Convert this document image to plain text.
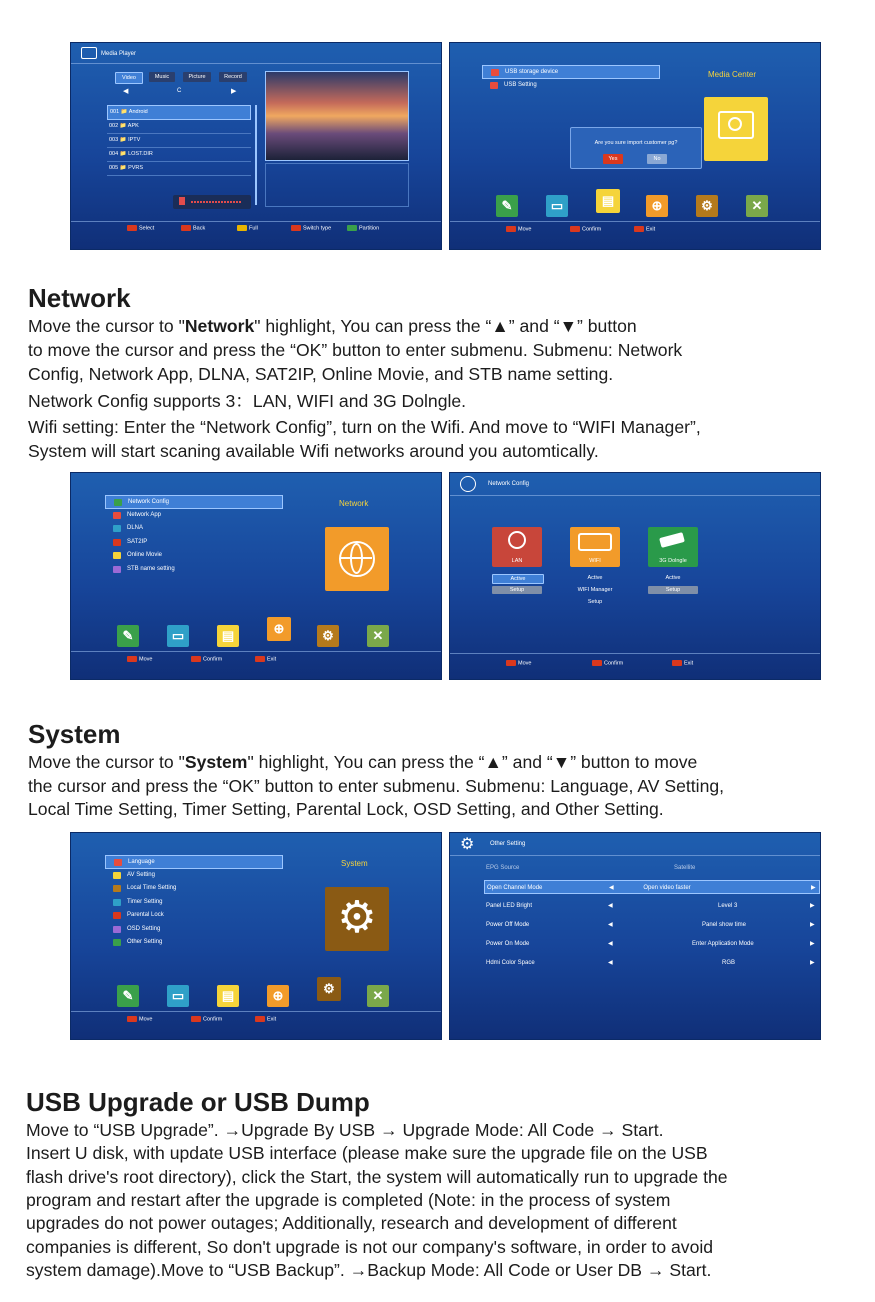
Media Player
Video	Music	Picture	Record
◀	C	▶
001 📁 Android
002 📁 APK
003 📁 IPTV
004 📁 LOST.DIR
005 📁 PVRS
Select	Back	Full	Switch type	Partition
USB storage device
USB Setting
Media Center
Are you sure import customer pg?
Yes	No
✎	▭	▤	⊕	⚙	✕
Move	Confirm	Exit
Network
Move the cursor to "Network" highlight, You can press the “▲” and “▼” button
to move the cursor and press the “OK” button to enter submenu. Submenu: Network
Config, Network App, DLNA, SAT2IP, Online Movie, and STB name setting.
Network Config supports 3：LAN, WIFI and 3G Dolngle.
Wifi setting: Enter the “Network Config”, turn on the Wifi. And move to “WIFI Manager”,
System will start scaning available Wifi networks around you automtically.
Network Config
Network App
DLNA
SAT2IP
Online Movie
STB name setting
Network
✎	▭	▤	⊕	⚙	✕
Move	Confirm	Exit
Network Config
LAN	WIFI	3G Dolngle
Active
Setup
Active
WIFI Manager
Setup
Active
Setup
Move	Confirm	Exit
System
Move the cursor to "System" highlight, You can press the “▲” and “▼” button to move
the cursor and press the “OK” button to enter submenu. Submenu: Language, AV Setting,
Local Time Setting, Timer Setting, Parental Lock, OSD Setting, and Other Setting.
Language
AV Setting
Local Time Setting
Timer Setting
Parental Lock
OSD Setting
Other Setting
System
⚙
✎	▭	▤	⊕	⚙	✕
Move	Confirm	Exit
⚙	Other Setting
EPG Source	Satellite
Open Channel Mode	◀	Open video faster	▶
Panel LED Bright	◀	Level 3	▶
Power Off Mode	◀	Panel show time	▶
Power On Mode	◀	Enter Application Mode	▶
Hdmi Color Space	◀	RGB	▶
USB Upgrade or USB Dump
Move to “USB Upgrade”. →Upgrade By USB → Upgrade Mode: All Code → Start.
Insert U disk, with update USB interface (please make sure the upgrade file on the USB
flash drive's root directory), click the Start, the system will automatically run to upgrade the
program and restart after the upgrade is completed (Note: in the process of system
upgrades do not power outages; Additionally, research and development of different
companies is different, So don't upgrade is not our company's software, in order to avoid
system damage).Move to “USB Backup”. →Backup Mode: All Code or User DB → Start.
